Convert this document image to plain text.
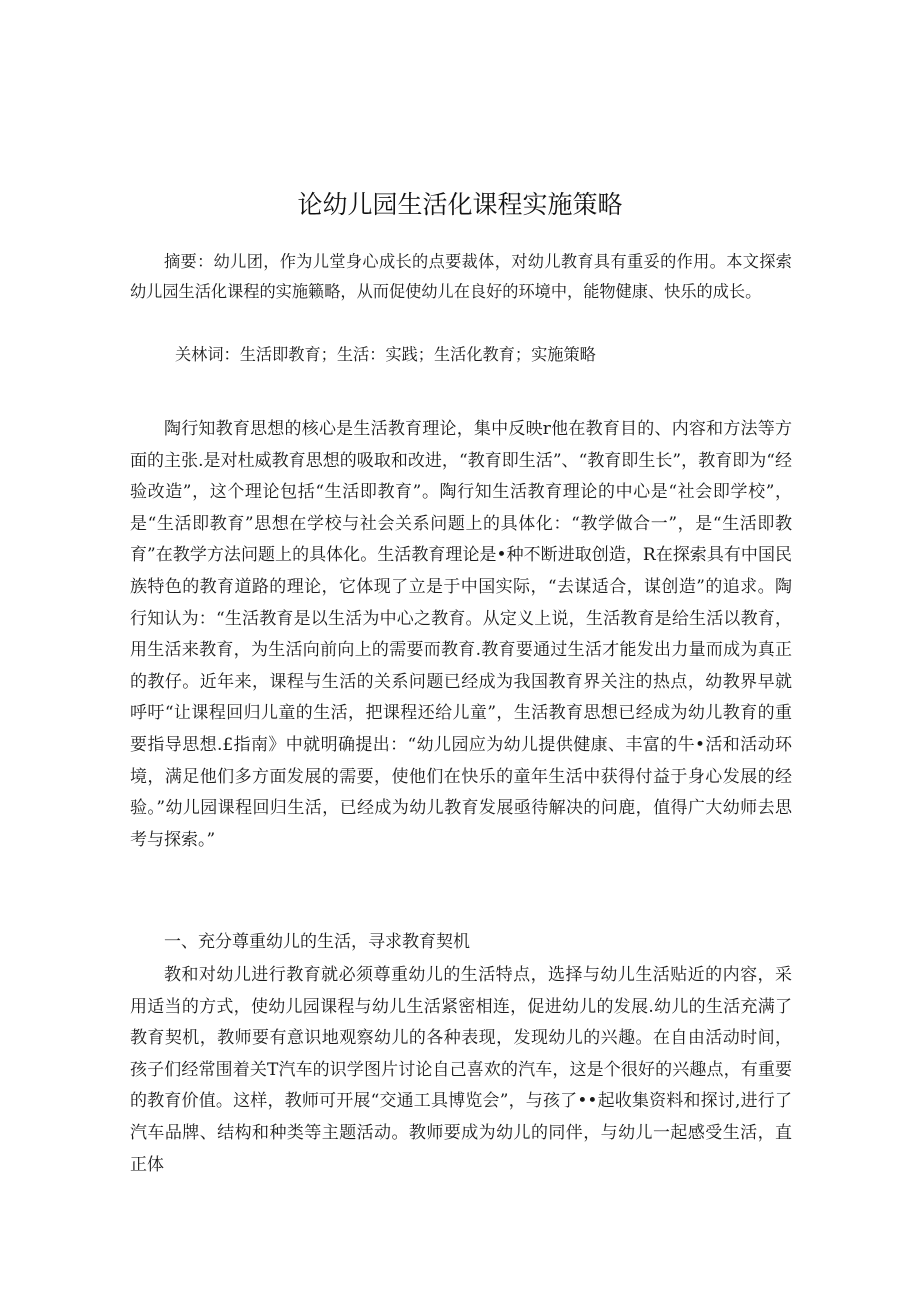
论幼儿园生活化课程实施策略
摘要：幼儿团，作为儿堂身心成长的点要裁体，对幼儿教育具有重妥的作用。本文探索幼儿园生活化课程的实施籁略，从而促使幼儿在良好的环境中，能物健康、快乐的成长。
关林词：生活即教育；生活：实践；生活化教育；实施策略

陶行知教育思想的核心是生活教育理论，集中反映r他在教育目的、内容和方法等方面的主张.是对杜威教育思想的吸取和改进，“教育即生活”、“教育即生长”，教育即为“经验改造”，这个理论包括“生活即教育”。陶行知生活教育理论的中心是“社会即学校”，是“生活即教育”思想在学校与社会关系问题上的具体化：“教学做合一”，是“生活即教育”在教学方法问题上的具体化。生活教育理论是•种不断进取创造，R在探索具有中国民族特色的教育道路的理论，它体现了立是于中国实际，“去谋适合，谋创造”的追求。陶行知认为：“生活教育是以生活为中心之教育。从定义上说，生活教育是给生活以教育，用生活来教育，为生活向前向上的需要而教育.教育要通过生活才能发出力量而成为真正的教仔。近年来，课程与生活的关系问题已经成为我国教育界关注的热点，幼教界早就呼吁“让课程回归儿童的生活，把课程还给儿童”，生活教育思想已经成为幼儿教育的重要指导思想.£指南》中就明确提出：“幼儿园应为幼儿提供健康、丰富的牛•活和活动环境，满足他们多方面发展的需要，使他们在快乐的童年生活中获得付益于身心发展的经验。”幼儿园课程回归生活，已经成为幼儿教育发展亟待解决的问鹿，值得广大幼师去思考与探索。”

一、充分尊重幼儿的生活，寻求教育契机

教和对幼儿进行教育就必须尊重幼儿的生活特点，选择与幼儿生活贴近的内容，采用适当的方式，使幼儿园课程与幼儿生活紧密相连，促进幼儿的发展.幼儿的生活充满了教育契机，教师要有意识地观察幼儿的各种表现，发现幼儿的兴趣。在自由活动时间，孩子们经常围着关T汽车的识学图片讨论自己喜欢的汽车，这是个很好的兴趣点，有重要的教育价值。这样，教师可开展“交通工具博览会”，与孩了••起收集资料和探讨,进行了汽车品牌、结构和种类等主题活动。教师要成为幼儿的同伴，与幼儿一起感受生活，直正体
